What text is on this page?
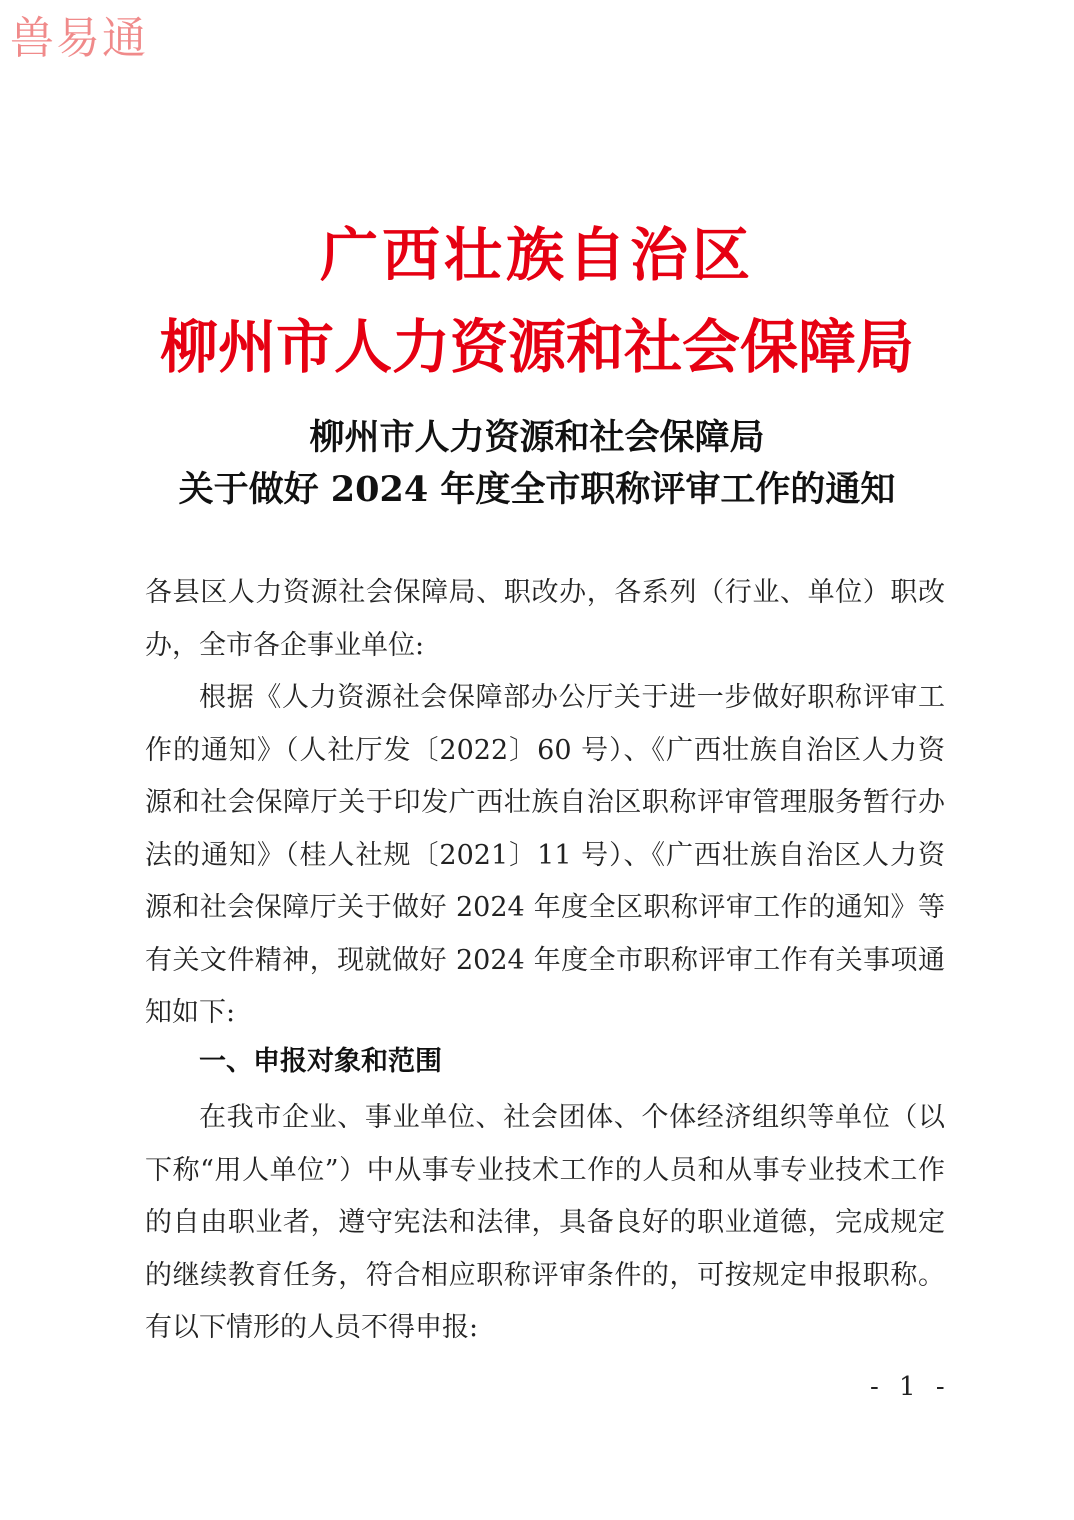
兽易通
广西壮族自治区
柳州市人力资源和社会保障局
柳州市人力资源和社会保障局
关于做好 2024 年度全市职称评审工作的通知
各县区人力资源社会保障局、职改办，各系列（行业、单位）职改办，全市各企事业单位:
根据《人力资源社会保障部办公厅关于进一步做好职称评审工作的通知》（人社厅发〔2022〕60 号）、《广西壮族自治区人力资源和社会保障厅关于印发广西壮族自治区职称评审管理服务暂行办法的通知》（桂人社规〔2021〕11 号）、《广西壮族自治区人力资源和社会保障厅关于做好 2024 年度全区职称评审工作的通知》等有关文件精神，现就做好 2024 年度全市职称评审工作有关事项通知如下:
一、申报对象和范围
在我市企业、事业单位、社会团体、个体经济组织等单位（以下称“用人单位”）中从事专业技术工作的人员和从事专业技术工作的自由职业者，遵守宪法和法律，具备良好的职业道德，完成规定的继续教育任务，符合相应职称评审条件的，可按规定申报职称。有以下情形的人员不得申报:
- 1 -
